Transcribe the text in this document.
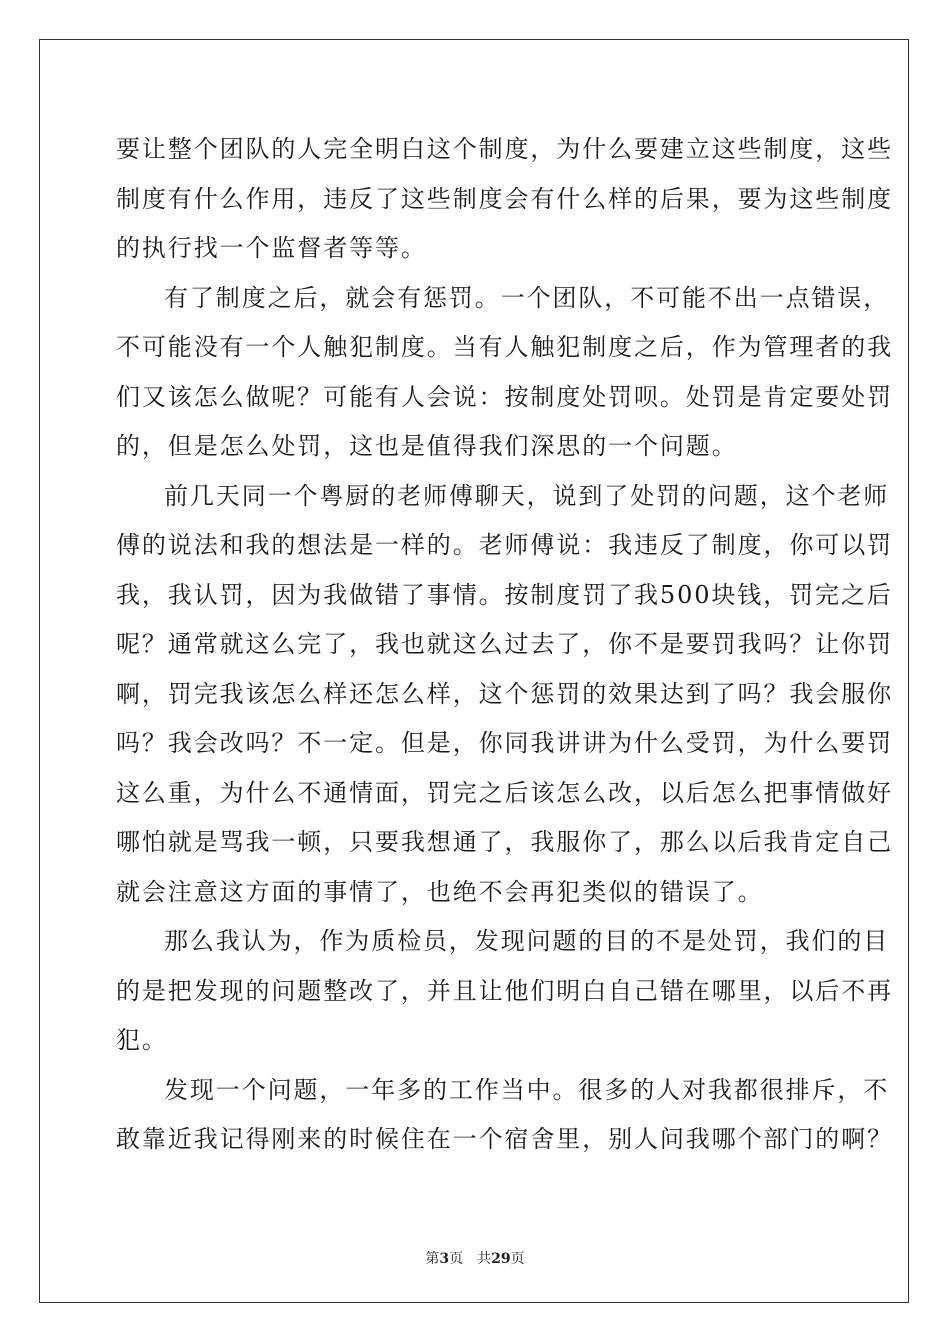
要让整个团队的人完全明白这个制度，为什么要建立这些制度，这些
制度有什么作用，违反了这些制度会有什么样的后果，要为这些制度
的执行找一个监督者等等。

有了制度之后，就会有惩罚。一个团队，不可能不出一点错误，
不可能没有一个人触犯制度。当有人触犯制度之后，作为管理者的我
们又该怎么做呢？可能有人会说：按制度处罚呗。处罚是肯定要处罚
的，但是怎么处罚，这也是值得我们深思的一个问题。

前几天同一个粤厨的老师傅聊天，说到了处罚的问题，这个老师
傅的说法和我的想法是一样的。老师傅说：我违反了制度，你可以罚
我，我认罚，因为我做错了事情。按制度罚了我500块钱，罚完之后
呢？通常就这么完了，我也就这么过去了，你不是要罚我吗？让你罚
啊，罚完我该怎么样还怎么样，这个惩罚的效果达到了吗？我会服你
吗？我会改吗？不一定。但是，你同我讲讲为什么受罚，为什么要罚
这么重，为什么不通情面，罚完之后该怎么改，以后怎么把事情做好
哪怕就是骂我一顿，只要我想通了，我服你了，那么以后我肯定自己
就会注意这方面的事情了，也绝不会再犯类似的错误了。

那么我认为，作为质检员，发现问题的目的不是处罚，我们的目
的是把发现的问题整改了，并且让他们明白自己错在哪里，以后不再
犯。

发现一个问题，一年多的工作当中。很多的人对我都很排斥，不
敢靠近我记得刚来的时候住在一个宿舍里，别人问我哪个部门的啊？

第3页 共29页
